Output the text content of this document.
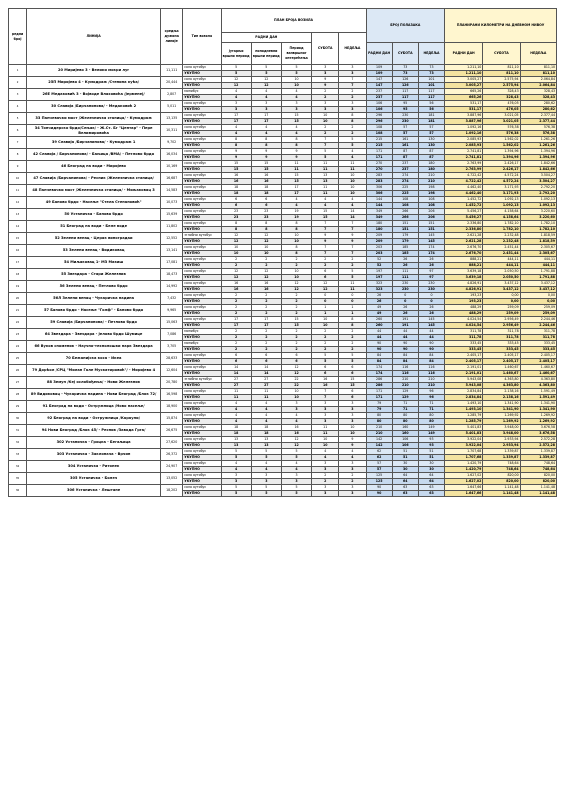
редни број	ЛИНИЈА	средња дужина линије	Тип возила	ПЛАН БРОЈА ВОЗИЛА					БРОЈ ПОЛАЗАКА			ПЛАНИРАНИ КИЛОМЕТРИ НА ДНЕВНОМ НИВОУ		
				РАДНИ ДАН			СУБОТА	НЕДЕЉА						
				јутарњи вршни период	поподневни вршни период	Период ванвршног оптерећења			РАДНИ ДАН	СУБОТА	НЕДЕЉА	РАДНИ ДАН	СУБОТА	НЕДЕЉА
1	20 Миријево 3 - Велики мокри луг	11,111	соло аутобус	5	5	5	3	3	109	73	73	1.211,10	811,10	811,10
			УКУПНО	5	5	5	3	3	109	73	73	1.211,10	811,10	811,10
2	25П Миријево 4 - Кумодраж /Степина кућа/	20,444	соло аутобус	12	12	10	9	7	147	126	101	3.005,27	2.575,94	2.064,84
			УКУПНО	12	12	10	9	7	147	126	101	3.005,27	2.575,94	2.064,84
3	26Е Медаковић 3 - Војводе Влаховића /Јерменеј/	2,807	минибус	4	4	4	2	2	237	117	117	665,26	328,43	328,43
			УКУПНО	4	4	4	2	2	237	117	117	665,26	328,43	328,43
4	30 Славија /Бирчанинова/ - Медаковић 2	5,011	соло аутобус	3	3	3	3	3	106	95	56	531,17	476,05	280,62
			УКУПНО	3	3	3	3	3	106	95	56	531,17	476,05	280,62
5	33 Панчевачки мост /Железничка станица/ - Кумодраж	13,135	соло аутобус	17	17	15	10	8	296	230	181	3.887,96	3.021,05	2.377,44
			УКУПНО	17	17	15	10	8	296	230	181	3.887,96	3.021,05	2.377,44
6	34 Топчидерско брдо/Сењак/ - Ж.Ст. Бг "Центар" - Пере Велимировића	10,311	соло аутобус	4	4	4	2	2	108	57	57	1.092,16	576,38	576,38
			УКУПНО	4	4	4	2	2	108	57	57	1.092,16	576,38	576,38
7	39 Славија /Бирчанинова/ - Кумодраж 1	9,702	соло аутобус	8	8	8	7	5	215	161	130	2.085,93	1.562,02	1.261,26
			УКУПНО	8	8	8	7	5	215	161	130	2.085,93	1.562,02	1.261,26
8	42 Славија / Бирчанинова/ - Бањица /ВМА/ - Петлово брдо	16,034	соло аутобус	9	9	9	5	4	171	87	87	2.741,81	1.394,96	1.394,96
			УКУПНО	9	9	9	5	4	171	87	87	2.741,81	1.394,96	1.394,96
9	46 Београд на води - Миријево	10,169	соло аутобус	15	15	11	11	11	270	237	180	2.763,99	2.426,17	1.842,66
			УКУПНО	15	15	11	11	11	270	237	180	2.763,99	2.426,17	1.842,66
10	47 Славија /Бирчанинова/ - Ресник /Железничка станица/	16,687	соло аутобус	16	16	15	13	10	283	274	210	4.722,42	4.572,24	3.504,27
			УКУПНО	16	16	15	13	10	283	274	210	4.722,42	4.572,24	3.504,27
11	48 Панчевачки мост /Железничка станица/ - Миљаковац 3	14,583	соло аутобус	18	18	17	11	10	306	225	198	4.462,40	3.171,93	2.792,20
			УКУПНО	18	18	17	11	10	306	225	198	4.462,40	3.171,93	2.792,20
12	49 Баново брдо - Насеље "Стела Степановић"	10,073	соло аутобус	6	6	4	4	4	144	108	108	1.452,72	1.092,13	1.092,13
			УКУПНО	6	6	4	4	4	144	108	108	1.452,72	1.092,13	1.092,13
13	50 Устаничка - Баново брдо	15,639	соло аутобус	23	23	19	15	14	349	266	206	5.456,27	4.158,64	3.220,60
			УКУПНО	23	23	19	15	14	349	266	206	5.456,27	4.158,64	3.220,60
14	51 Београд на води - Беле воде	11,802	соло аутобус	8	8	8	7	7	180	151	151	2.336,80	1.782,10	1.782,10
			УКУПНО	8	8	8	7	7	180	151	151	2.336,80	1.782,10	1.782,10
15	52 Зелени венац - Церак виноградаи	12,552	зглобни аутобус	12	12	10	9	9	209	179	145	2.621,28	2.232,48	1.818,59
			УКУПНО	12	12	10	9	9	209	179	145	2.621,28	2.232,48	1.818,59
16	53 Зелени венац - Видиковац	13,141	соло аутобус	10	10	8	7	7	203	185	174	2.676,70	2.451,44	2.305,67
			УКУПНО	10	10	8	7	7	203	185	174	2.676,70	2.451,44	2.305,67
17	54 Миљаковац 1- МЗ Макиш	17,081	соло аутобус	2	2	2	2	2	52	26	26	888,21	444,11	444,11
			УКУПНО	2	2	2	2	2	52	26	26	888,21	444,11	444,11
18	55 Звездара - Стари Железник	18,473	соло аутобус	12	12	10	6	5	197	111	97	3.639,18	2.050,50	1.791,88
			УКУПНО	12	12	10	6	5	197	111	97	3.639,18	2.050,50	1.791,88
19	56 Зелени венац - Петлово брдо	14,992	соло аутобус	16	16	12	12	11	323	230	230	4.826,91	3.437,12	3.437,12
			УКУПНО	16	16	12	12	11	323	230	230	4.826,91	3.437,12	3.437,12
20	56Л Зелени венац - Чукаричка падина	7,432	соло аутобус	2	2	2	0	0	26	0	0	193,23	0,00	0,00
			УКУПНО	2	2	2	0	0	26	0	0	193,23	0,00	0,00
21	57 Баново брдо - Насеље "Голф" - Баново брдо	9,965	соло аутобус	2	2	2	1	1	49	26	26	488,29	259,09	259,09
			УКУПНО	2	2	2	1	1	49	26	26	488,29	259,09	259,09
22	59 Славија /Бирчанинова/ - Петлово брдо	15,063	соло аутобус	17	17	15	10	8	260	191	145	4.024,54	2.956,49	2.244,46
			УКУПНО	17	17	15	10	8	260	191	145	4.024,54	2.956,49	2.244,46
23	64 Звездара - Звездара - Јелово брдо Шумице	7,086	минибус	2	2	2	2	2	44	44	44	311,78	311,78	311,78
			УКУПНО	2	2	2	2	2	44	44	44	311,78	311,78	311,78
24	66 Вуков споменик - Научно-технолошки парк Звездара	3,705	минибус	2	2	2	2	2	90	90	90	333,45	333,45	333,45
			УКУПНО	2	2	2	2	2	90	90	90	333,45	333,45	333,45
25	70 Бежанијска коса - Икеа	28,633	соло аутобус	6	6	6	5	5	84	84	84	2.405,17	2.405,17	2.405,17
			УКУПНО	6	6	6	5	5	84	84	84	2.405,17	2.405,17	2.405,17
26	79 Дорћол /СРЦ "Милан Гале Мускатировић"/ - Миријево 4	12,604	соло аутобус	14	14	12	6	6	174	116	116	2.191,01	1.460,67	1.460,67
			УКУПНО	14	14	12	6	6	174	116	116	2.191,01	1.460,67	1.460,67
27	88 Земун /Кеј ослобођења/ - Нови Железник	20,780	зглобни аутобус	27	27	22	16	15	286	210	210	5.943,08	4.363,80	4.363,80
			УКУПНО	27	27	22	16	15	286	210	210	5.943,08	4.363,80	4.363,80
28	89 Видиковац - Чукаричка падина - Нови Београд /Блок 72/	16,598	соло аутобус	11	11	10	7	6	171	129	96	2.834,84	2.138,16	1.591,49
			УКУПНО	11	11	10	7	6	171	129	96	2.834,84	2.138,16	1.591,49
29	91 Београд на води - Остружница /Ново насеље/	18,900	соло аутобус	4	4	3	3	3	79	71	71	1.493,10	1.341,90	1.341,90
			УКУПНО	4	4	3	3	3	79	71	71	1.493,10	1.341,90	1.341,90
30	92 Београд на води - Остружница /Караули/	15,874	соло аутобус	4	4	4	3	3	80	80	80	1.285,79	1.269,92	1.269,92
			УКУПНО	4	4	4	3	3	80	80	80	1.285,79	1.269,92	1.269,92
31	94 Нови Београд /Блок 45/ - Ресник /Завода Грга/	26,675	соло аутобус	18	18	16	11	10	210	160	149	5.401,83	3.948,00	3.676,58
			УКУПНО	18	18	16	11	10	210	160	149	5.401,83	3.948,00	3.676,58
32	302 Устаничка - Гроцка - Бегаљица	27,620	соло аутобус	13	13	12	10	9	142	106	93	3.922,04	2.933,94	2.572,28
			УКУПНО	13	13	12	10	9	142	106	93	3.922,04	2.933,94	2.572,28
33	303 Устаничка - Заклопача - Врчин	26,372	соло аутобус	5	5	5	4	4	62	51	51	1.707,68	1.339,87	1.339,87
			УКУПНО	5	5	5	4	4	62	51	51	1.707,68	1.339,87	1.339,87
34	304 Устаничка - Ритопек	24,907	соло аутобус	4	4	4	3	3	57	30	30	1.420,79	748,64	748,64
			УКУПНО	4	4	4	3	3	57	30	30	1.420,79	748,64	748,64
35	305 Устаничка - Болеч	13,052	соло аутобус	3	3	3	2	2	125	64	64	1.627,02	820,00	820,00
			УКУПНО	3	3	3	2	2	125	64	64	1.627,02	820,00	820,00
36	306 Устаничка - Лештане	18,202	соло аутобус	5	5	5	3	3	90	63	63	1.647,66	1.141,48	1.141,48
			УКУПНО	5	5	5	3	3	90	63	63	1.647,66	1.141,48	1.141,48
